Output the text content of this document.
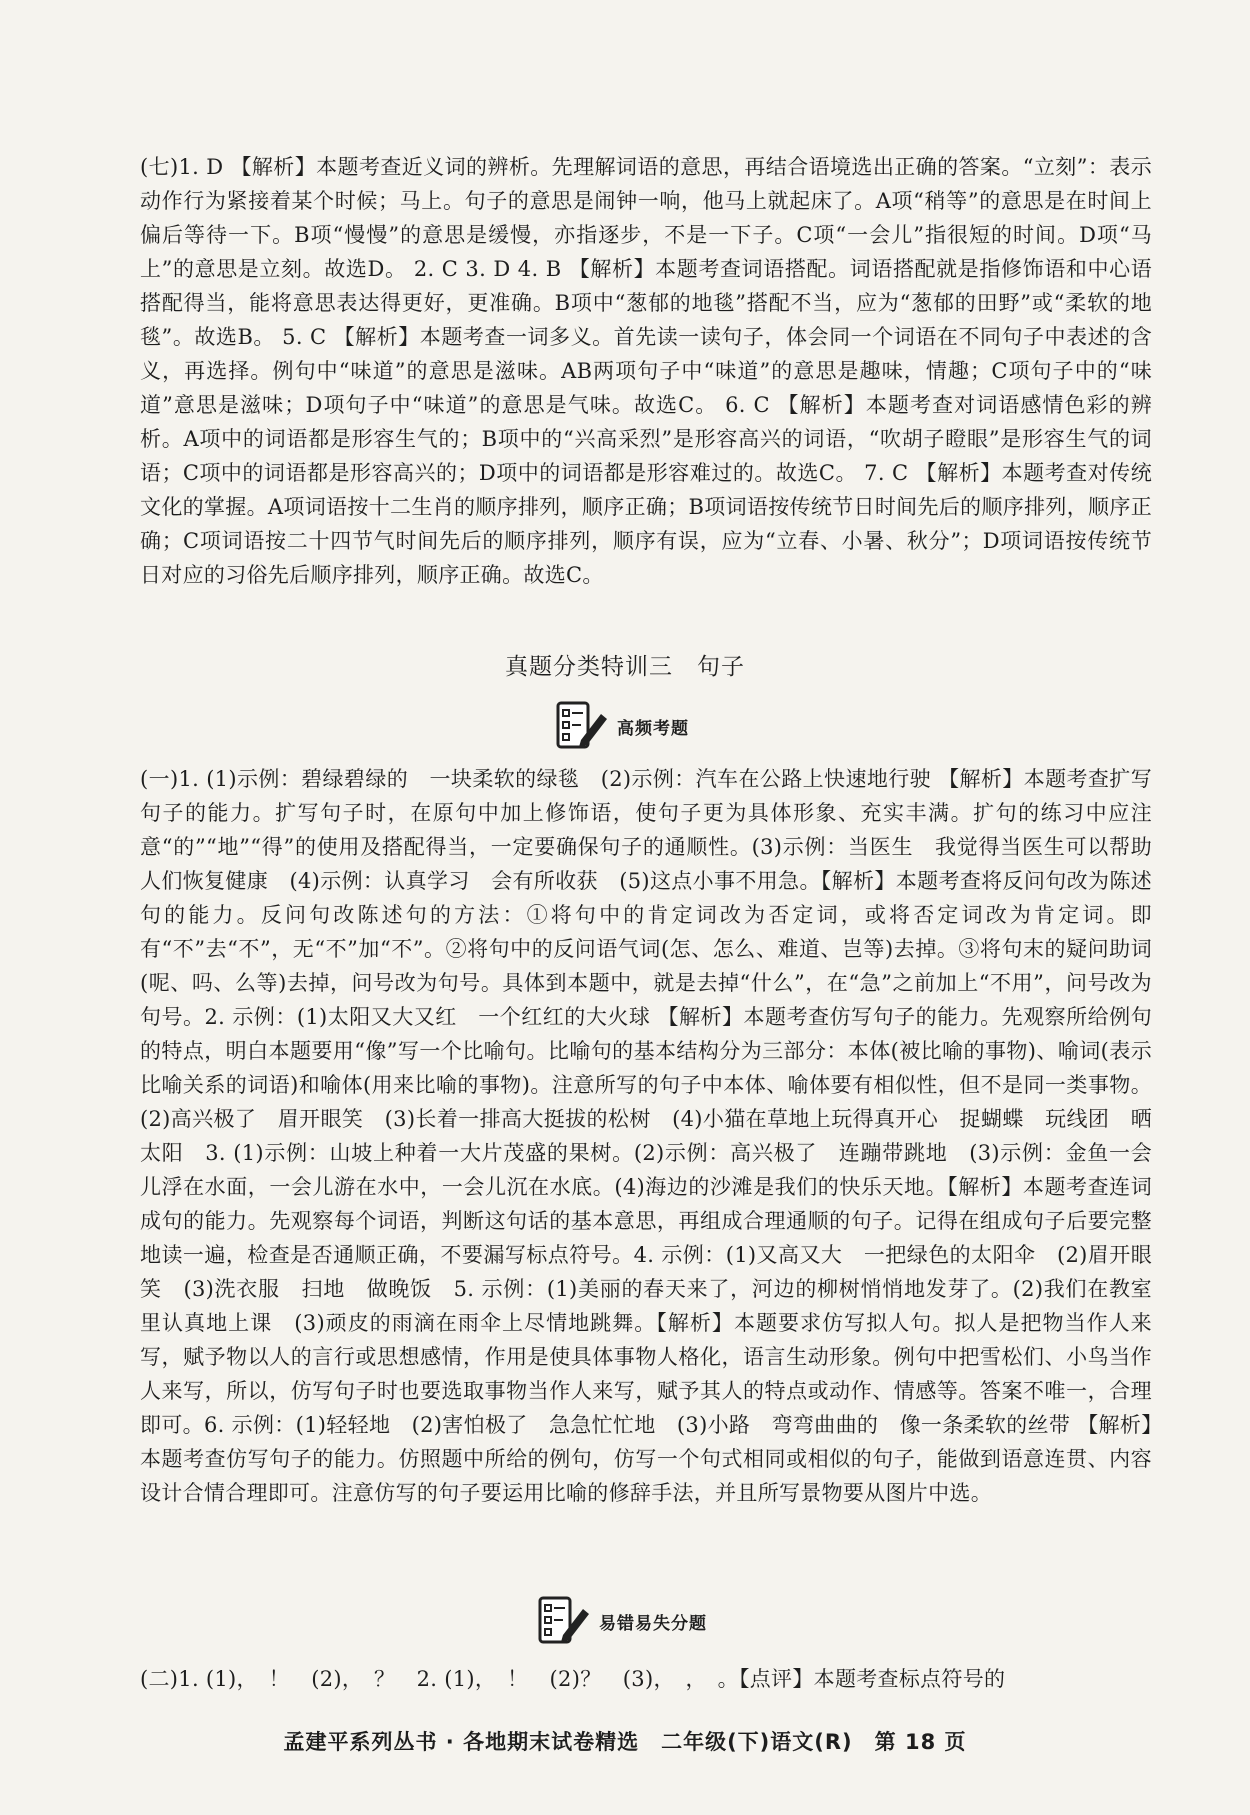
(七)1. D 【解析】本题考查近义词的辨析。先理解词语的意思，再结合语境选出正确的答案。“立刻”：表示动作行为紧接着某个时候；马上。句子的意思是闹钟一响，他马上就起床了。A项“稍等”的意思是在时间上偏后等待一下。B项“慢慢”的意思是缓慢，亦指逐步，不是一下子。C项“一会儿”指很短的时间。D项“马上”的意思是立刻。故选D。 2. C 3. D 4. B 【解析】本题考查词语搭配。词语搭配就是指修饰语和中心语搭配得当，能将意思表达得更好，更准确。B项中“葱郁的地毯”搭配不当，应为“葱郁的田野”或“柔软的地毯”。故选B。 5. C 【解析】本题考查一词多义。首先读一读句子，体会同一个词语在不同句子中表述的含义，再选择。例句中“味道”的意思是滋味。AB两项句子中“味道”的意思是趣味，情趣；C项句子中的“味道”意思是滋味；D项句子中“味道”的意思是气味。故选C。 6. C 【解析】本题考查对词语感情色彩的辨析。A项中的词语都是形容生气的；B项中的“兴高采烈”是形容高兴的词语，“吹胡子瞪眼”是形容生气的词语；C项中的词语都是形容高兴的；D项中的词语都是形容难过的。故选C。 7. C 【解析】本题考查对传统文化的掌握。A项词语按十二生肖的顺序排列，顺序正确；B项词语按传统节日时间先后的顺序排列，顺序正确；C项词语按二十四节气时间先后的顺序排列，顺序有误，应为“立春、小暑、秋分”；D项词语按传统节日对应的习俗先后顺序排列，顺序正确。故选C。

真题分类特训三　句子
高频考题

(一)1. (1)示例：碧绿碧绿的　一块柔软的绿毯　(2)示例：汽车在公路上快速地行驶 【解析】本题考查扩写句子的能力。扩写句子时，在原句中加上修饰语，使句子更为具体形象、充实丰满。扩句的练习中应注意“的”“地”“得”的使用及搭配得当，一定要确保句子的通顺性。(3)示例：当医生　我觉得当医生可以帮助人们恢复健康　(4)示例：认真学习　会有所收获　(5)这点小事不用急。【解析】本题考查将反问句改为陈述句的能力。反问句改陈述句的方法：①将句中的肯定词改为否定词，或将否定词改为肯定词。即有“不”去“不”，无“不”加“不”。②将句中的反问语气词(怎、怎么、难道、岂等)去掉。③将句末的疑问助词(呢、吗、么等)去掉，问号改为句号。具体到本题中，就是去掉“什么”，在“急”之前加上“不用”，问号改为句号。2. 示例：(1)太阳又大又红　一个红红的大火球 【解析】本题考查仿写句子的能力。先观察所给例句的特点，明白本题要用“像”写一个比喻句。比喻句的基本结构分为三部分：本体(被比喻的事物)、喻词(表示比喻关系的词语)和喻体(用来比喻的事物)。注意所写的句子中本体、喻体要有相似性，但不是同一类事物。(2)高兴极了　眉开眼笑　(3)长着一排高大挺拔的松树　(4)小猫在草地上玩得真开心　捉蝴蝶　玩线团　晒太阳　3. (1)示例：山坡上种着一大片茂盛的果树。(2)示例：高兴极了　连蹦带跳地　(3)示例：金鱼一会儿浮在水面，一会儿游在水中，一会儿沉在水底。(4)海边的沙滩是我们的快乐天地。【解析】本题考查连词成句的能力。先观察每个词语，判断这句话的基本意思，再组成合理通顺的句子。记得在组成句子后要完整地读一遍，检查是否通顺正确，不要漏写标点符号。4. 示例：(1)又高又大　一把绿色的太阳伞　(2)眉开眼笑　(3)洗衣服　扫地　做晚饭　5. 示例：(1)美丽的春天来了，河边的柳树悄悄地发芽了。(2)我们在教室里认真地上课　(3)顽皮的雨滴在雨伞上尽情地跳舞。【解析】本题要求仿写拟人句。拟人是把物当作人来写，赋予物以人的言行或思想感情，作用是使具体事物人格化，语言生动形象。例句中把雪松们、小鸟当作人来写，所以，仿写句子时也要选取事物当作人来写，赋予其人的特点或动作、情感等。答案不唯一，合理即可。6. 示例：(1)轻轻地　(2)害怕极了　急急忙忙地　(3)小路　弯弯曲曲的　像一条柔软的丝带 【解析】本题考查仿写句子的能力。仿照题中所给的例句，仿写一个句式相同或相似的句子，能做到语意连贯、内容设计合情合理即可。注意仿写的句子要运用比喻的修辞手法，并且所写景物要从图片中选。

易错易失分题

(二)1. (1)，　！　(2)，　？　2. (1)，　！　(2)？　(3)，　，　。【点评】本题考查标点符号的

孟建平系列丛书 · 各地期末试卷精选　二年级(下)语文(R)　第 18 页
